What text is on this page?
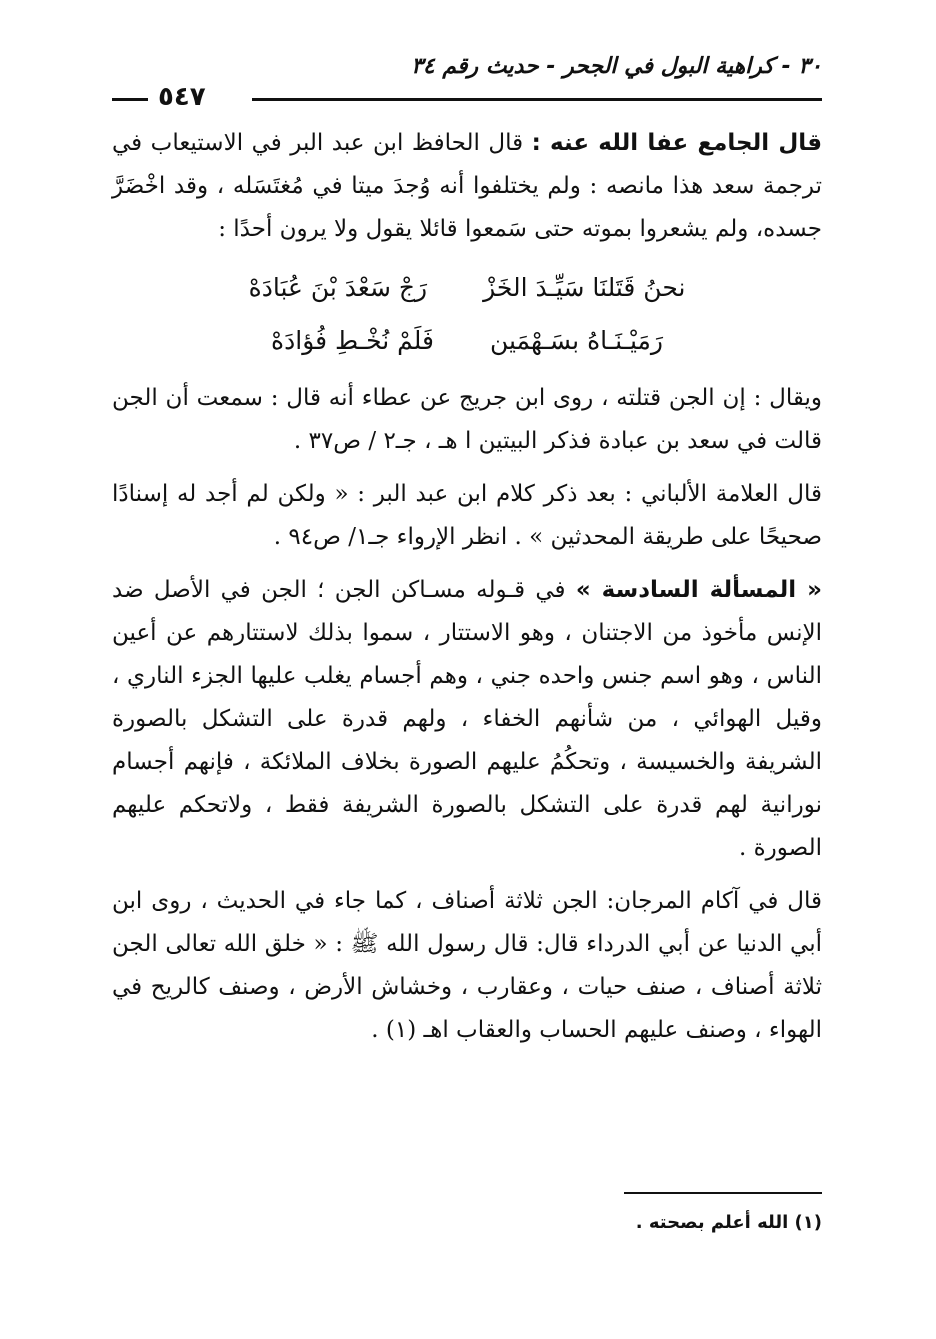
٣٠ - كراهية البول في الجحر - حديث رقم ٣٤
٥٤٧

قال الجامع عفا الله عنه : قال الحافظ ابن عبد البر في الاستيعاب في ترجمة سعد هذا مانصه : ولم يختلفوا أنه وُجدَ ميتا في مُغتَسَله ، وقد اخْضَرَّ جسده، ولم يشعروا بموته حتى سَمعوا قائلا يقول ولا يرون أحدًا :

نحنُ قَتَلنَا سَيِّـدَ الخَزْ
رَجْ سَعْدَ بْنَ عُبَادَهْ
رَمَيْـنَـاهُ بسَـهْمَين
فَلَمْ نُخْـطِ فُؤادَهْ

ويقال : إن الجن قتلته ، روى ابن جريج عن عطاء أنه قال : سمعت أن الجن قالت في سعد بن عبادة فذكر البيتين ا هـ ، جـ٢ / ص٣٧ .

قال العلامة الألباني : بعد ذكر كلام ابن عبد البر : « ولكن لم أجد له إسنادًا صحيحًا على طريقة المحدثين » . انظر الإرواء جـ١/ ص٩٤ .

« المسألة السادسة » في قـوله مسـاكن الجن ؛ الجن في الأصل ضد الإنس مأخوذ من الاجتنان ، وهو الاستتار ، سموا بذلك لاستتارهم عن أعين الناس ، وهو اسم جنس واحده جني ، وهم أجسام يغلب عليها الجزء الناري ، وقيل الهوائي ، من شأنهم الخفاء ، ولهم قدرة على التشكل بالصورة الشريفة والخسيسة ، وتحكُمُ عليهم الصورة بخلاف الملائكة ، فإنهم أجسام نورانية لهم قدرة على التشكل بالصورة الشريفة فقط ، ولاتحكم عليهم الصورة .

قال في آكام المرجان: الجن ثلاثة أصناف ، كما جاء في الحديث ، روى ابن أبي الدنيا عن أبي الدرداء قال: قال رسول الله ﷺ : « خلق الله تعالى الجن ثلاثة أصناف ، صنف حيات ، وعقارب ، وخشاش الأرض ، وصنف كالريح في الهواء ، وصنف عليهم الحساب والعقاب اهـ (١) .

(١) الله أعلم بصحته .
